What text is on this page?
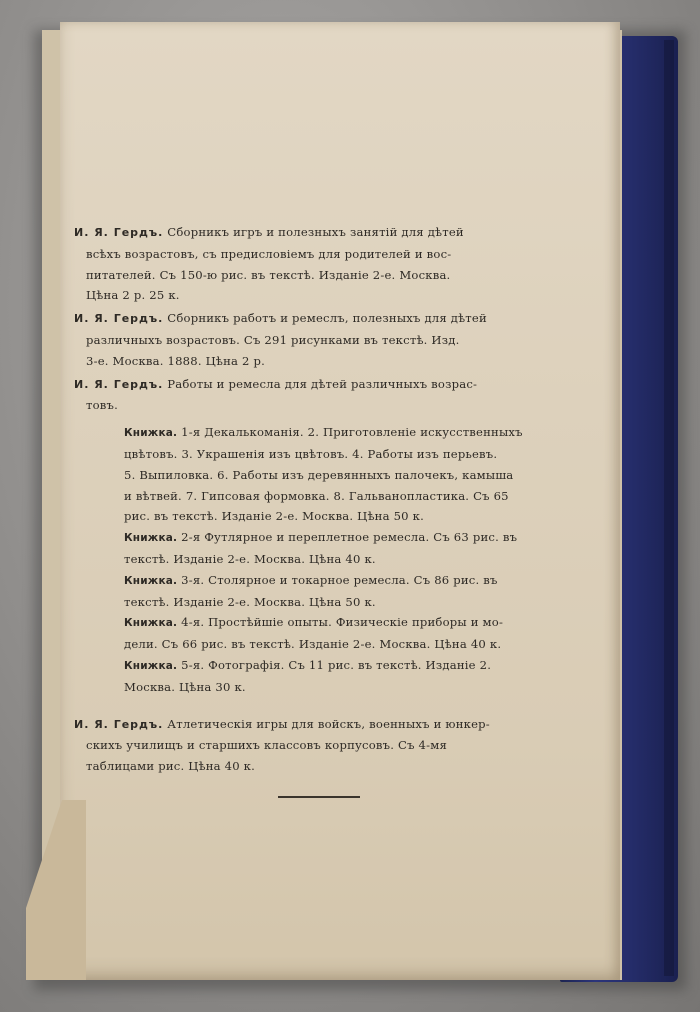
И. Я. Гердъ. Сборникъ игръ и полезныхъ занятій для дѣтей
всѣхъ возрастовъ, съ предисловіемъ для родителей и вос-
питателей. Съ 150-ю рис. въ текстѣ. Изданіе 2-е. Москва.
Цѣна 2 р. 25 к.
И. Я. Гердъ. Сборникъ работъ и ремеслъ, полезныхъ для дѣтей
различныхъ возрастовъ. Съ 291 рисунками въ текстѣ. Изд.
3-е. Москва. 1888. Цѣна 2 р.
И. Я. Гердъ. Работы и ремесла для дѣтей различныхъ возрас-
товъ.
Книжка. 1-я Декалькоманія. 2. Приготовленіе искусственныхъ
цвѣтовъ. 3. Украшенія изъ цвѣтовъ. 4. Работы изъ перьевъ.
5. Выпиловка. 6. Работы изъ деревянныхъ палочекъ, камыша
и вѣтвей. 7. Гипсовая формовка. 8. Гальванопластика. Съ 65
рис. въ текстѣ. Изданіе 2-е. Москва. Цѣна 50 к.
Книжка. 2-я Футлярное и переплетное ремесла. Съ 63 рис. въ
текстѣ. Изданіе 2-е. Москва. Цѣна 40 к.
Книжка. 3-я. Столярное и токарное ремесла. Съ 86 рис. въ
текстѣ. Изданіе 2-е. Москва. Цѣна 50 к.
Книжка. 4-я. Простѣйшіе опыты. Физическіе приборы и мо-
дели. Съ 66 рис. въ текстѣ. Изданіе 2-е. Москва. Цѣна 40 к.
Книжка. 5-я. Фотографія. Съ 11 рис. въ текстѣ. Изданіе 2.
Москва. Цѣна 30 к.
И. Я. Гердъ. Атлетическія игры для войскъ, военныхъ и юнкер-
скихъ училищъ и старшихъ классовъ корпусовъ. Съ 4-мя
таблицами рис. Цѣна 40 к.
